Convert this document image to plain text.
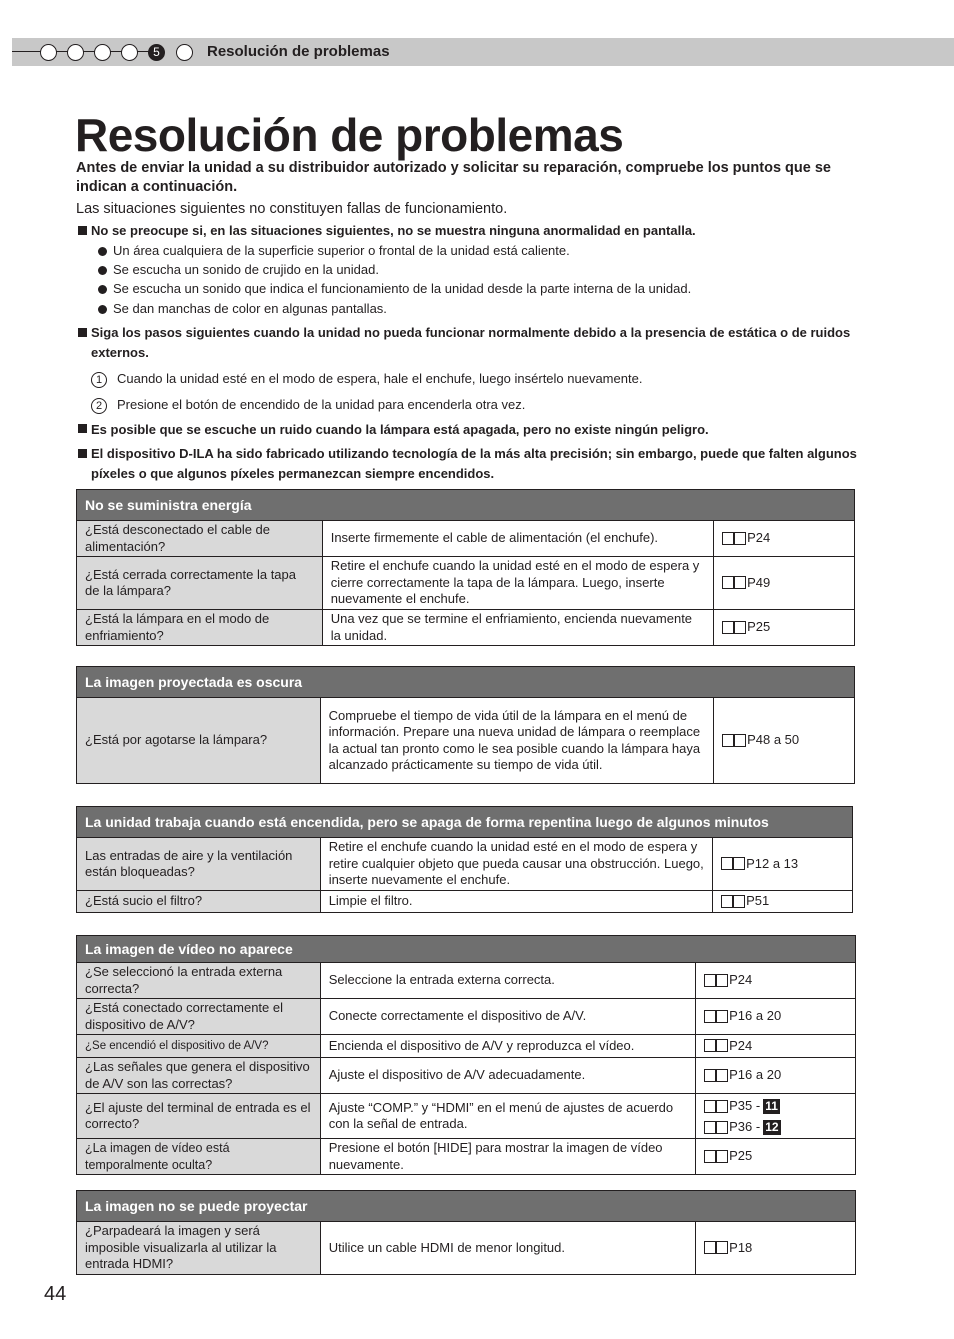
5	Resolución de problemas
Resolución de problemas

Antes de enviar la unidad a su distribuidor autorizado y solicitar su reparación, compruebe los puntos que se indican a continuación.

Las situaciones siguientes no constituyen fallas de funcionamiento.

No se preocupe si, en las situaciones siguientes, no se muestra ninguna anormalidad en pantalla.

Un área cualquiera de la superficie superior o frontal de la unidad está caliente.

Se escucha un sonido de crujido en la unidad.

Se escucha un sonido que indica el funcionamiento de la unidad desde la parte interna de la unidad.

Se dan manchas de color en algunas pantallas.

Siga los pasos siguientes cuando la unidad no pueda funcionar normalmente debido a la presencia de estática o de ruidos externos.

1	Cuando la unidad esté en el modo de espera, hale el enchufe, luego insértelo nuevamente.

2	Presione el botón de encendido de la unidad para encenderla otra vez.

Es posible que se escuche un ruido cuando la lámpara está apagada, pero no existe ningún peligro.

El dispositivo D-ILA ha sido fabricado utilizando tecnología de la más alta precisión; sin embargo, puede que falten algunos píxeles o que algunos píxeles permanezcan siempre encendidos.

No se suministra energía		
¿Está desconectado el cable de alimentación?	Inserte firmemente el cable de alimentación (el enchufe).	P24
¿Está cerrada correctamente la tapa de la lámpara?	Retire el enchufe cuando la unidad esté en el modo de espera y cierre correctamente la tapa de la lámpara. Luego, inserte nuevamente el enchufe.	P49
¿Está la lámpara en el modo de enfriamiento?	Una vez que se termine el enfriamiento, encienda nuevamente la unidad.	P25
La imagen proyectada es oscura
¿Está por agotarse la lámpara?	Compruebe el tiempo de vida útil de la lámpara en el menú de información. Prepare una nueva unidad de lámpara o reemplace la actual tan pronto como le sea posible cuando la lámpara haya alcanzado prácticamente su tiempo de vida útil.	P48 a 50
La unidad trabaja cuando está encendida, pero se apaga de forma repentina luego de algunos minutos		
Las entradas de aire y la ventilación están bloqueadas?	Retire el enchufe cuando la unidad esté en el modo de espera y retire cualquier objeto que pueda causar una obstrucción. Luego, inserte nuevamente el enchufe.	P12 a 13
¿Está sucio el filtro?	Limpie el filtro.	P51
La imagen de vídeo no aparece		
¿Se seleccionó la entrada externa correcta?	Seleccione la entrada externa correcta.	P24
¿Está conectado correctamente el dispositivo de A/V?	Conecte correctamente el dispositivo de A/V.	P16 a 20
¿Se encendió el dispositivo de A/V?	Encienda el dispositivo de A/V y reproduzca el vídeo.	P24
¿Las señales que genera el dispositivo de A/V son las correctas?	Ajuste el dispositivo de A/V adecuadamente.	P16 a 20
¿El ajuste del terminal de entrada es el correcto?	Ajuste “COMP.” y “HDMI” en el menú de ajustes de acuerdo con la señal de entrada.	P35 - 11
P36 - 12

¿La imagen de vídeo está temporalmente oculta?	Presione el botón [HIDE] para mostrar la imagen de vídeo nuevamente.	P25
La imagen no se puede proyectar
¿Parpadeará la imagen y será imposible visualizarla al utilizar la entrada HDMI?	Utilice un cable HDMI de menor longitud.	P18
44
